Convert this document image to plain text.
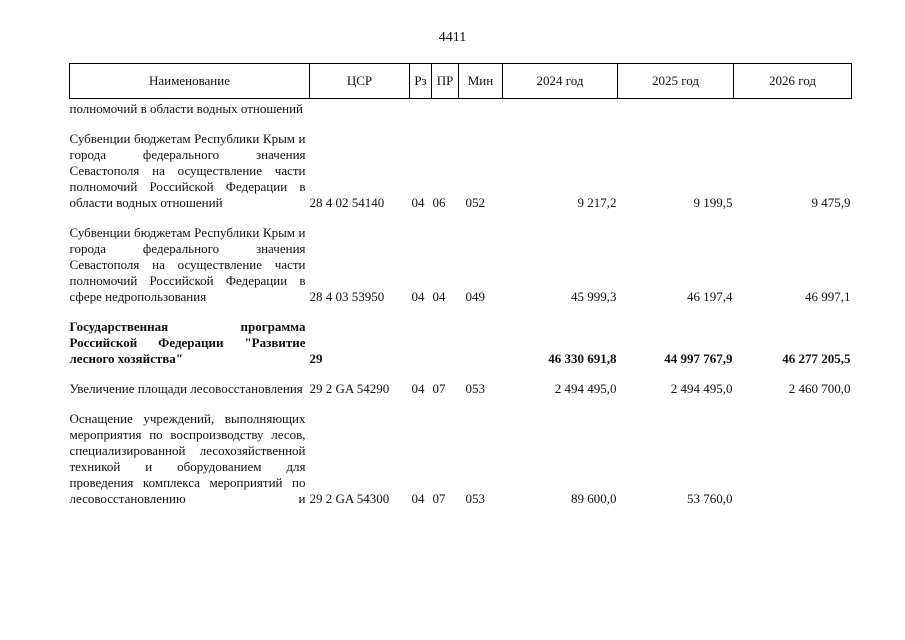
4411
Наименование	ЦСР	Рз	ПР	Мин	2024 год	2025 год	2026 год
полномочий в области водных отношений							

Субвенции бюджетам Республики Крым и города федерального значения Севастополя на осуществление части полномочий Российской Федерации в области водных отношений	28 4 02 54140	04	06	052	9 217,2	9 199,5	9 475,9

Субвенции бюджетам Республики Крым и города федерального значения Севастополя на осуществление части полномочий Российской Федерации в сфере недропользования	28 4 03 53950	04	04	049	45 999,3	46 197,4	46 997,1

Государственная программа Российской Федерации "Развитие лесного хозяйства"	29				46 330 691,8	44 997 767,9	46 277 205,5

Увеличение площади лесовосстановления	29 2 GA 54290	04	07	053	2 494 495,0	2 494 495,0	2 460 700,0

Оснащение учреждений, выполняющих мероприятия по воспроизводству лесов, специализированной лесохозяйственной техникой и оборудованием для проведения комплекса мероприятий по лесовосстановлению и	29 2 GA 54300	04	07	053	89 600,0	53 760,0	
